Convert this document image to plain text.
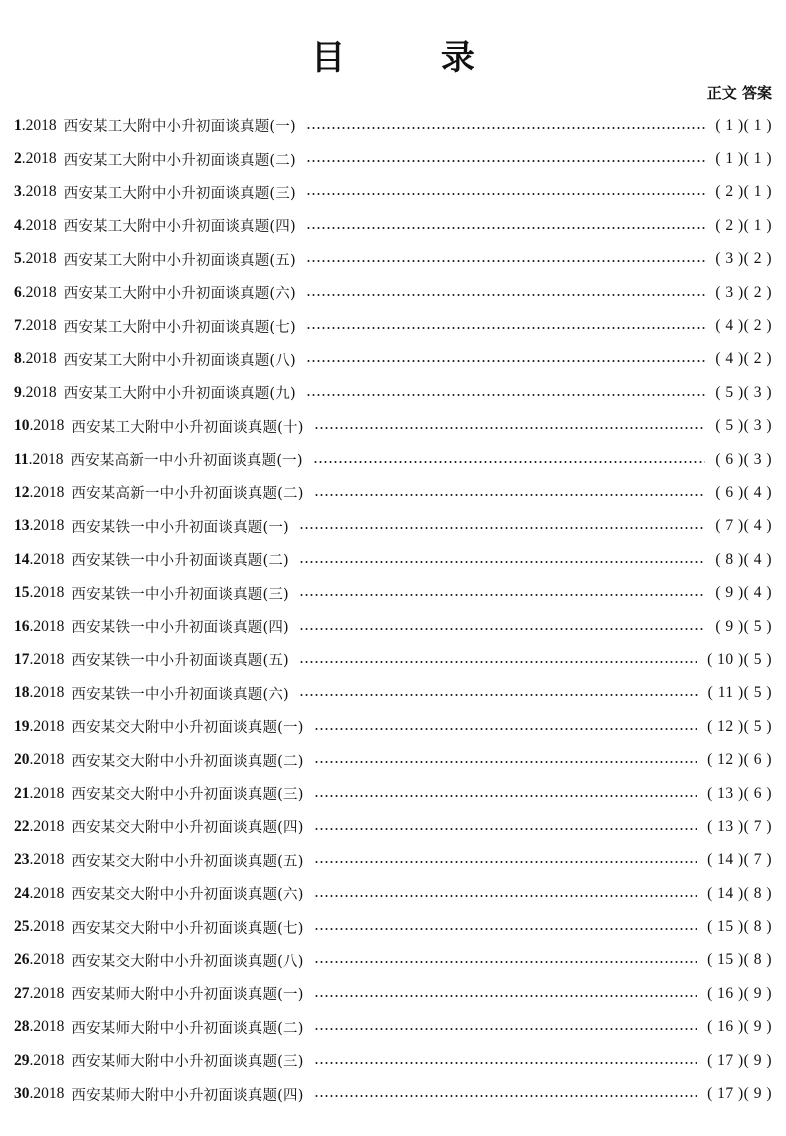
目 录
正文 答案
1 . 2018 西安某工大附中小升初面谈真题(一)	( 1 )( 1 )
2 . 2018 西安某工大附中小升初面谈真题(二)	( 1 )( 1 )
3 . 2018 西安某工大附中小升初面谈真题(三)	( 2 )( 1 )
4 . 2018 西安某工大附中小升初面谈真题(四)	( 2 )( 1 )
5 . 2018 西安某工大附中小升初面谈真题(五)	( 3 )( 2 )
6 . 2018 西安某工大附中小升初面谈真题(六)	( 3 )( 2 )
7 . 2018 西安某工大附中小升初面谈真题(七)	( 4 )( 2 )
8 . 2018 西安某工大附中小升初面谈真题(八)	( 4 )( 2 )
9 . 2018 西安某工大附中小升初面谈真题(九)	( 5 )( 3 )
10 . 2018 西安某工大附中小升初面谈真题(十)	( 5 )( 3 )
11 . 2018 西安某高新一中小升初面谈真题(一)	( 6 )( 3 )
12 . 2018 西安某高新一中小升初面谈真题(二)	( 6 )( 4 )
13 . 2018 西安某铁一中小升初面谈真题(一)	( 7 )( 4 )
14 . 2018 西安某铁一中小升初面谈真题(二)	( 8 )( 4 )
15 . 2018 西安某铁一中小升初面谈真题(三)	( 9 )( 4 )
16 . 2018 西安某铁一中小升初面谈真题(四)	( 9 )( 5 )
17 . 2018 西安某铁一中小升初面谈真题(五)	( 10 )( 5 )
18 . 2018 西安某铁一中小升初面谈真题(六)	( 11 )( 5 )
19 . 2018 西安某交大附中小升初面谈真题(一)	( 12 )( 5 )
20 . 2018 西安某交大附中小升初面谈真题(二)	( 12 )( 6 )
21 . 2018 西安某交大附中小升初面谈真题(三)	( 13 )( 6 )
22 . 2018 西安某交大附中小升初面谈真题(四)	( 13 )( 7 )
23 . 2018 西安某交大附中小升初面谈真题(五)	( 14 )( 7 )
24 . 2018 西安某交大附中小升初面谈真题(六)	( 14 )( 8 )
25 . 2018 西安某交大附中小升初面谈真题(七)	( 15 )( 8 )
26 . 2018 西安某交大附中小升初面谈真题(八)	( 15 )( 8 )
27 . 2018 西安某师大附中小升初面谈真题(一)	( 16 )( 9 )
28 . 2018 西安某师大附中小升初面谈真题(二)	( 16 )( 9 )
29 . 2018 西安某师大附中小升初面谈真题(三)	( 17 )( 9 )
30 . 2018 西安某师大附中小升初面谈真题(四)	( 17 )( 9 )
